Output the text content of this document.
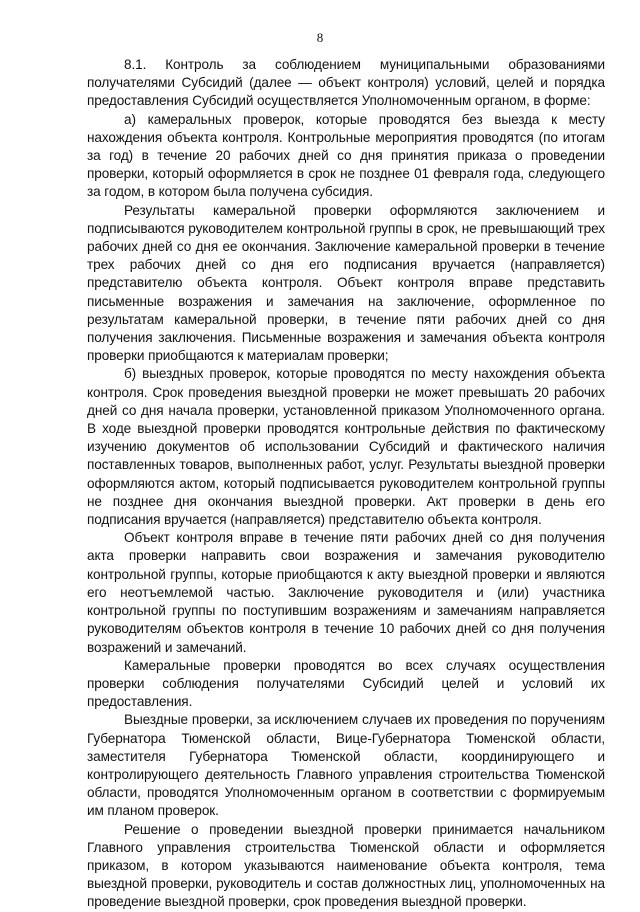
8

8.1. Контроль за соблюдением муниципальными образованиями получателями Субсидий (далее — объект контроля) условий, целей и порядка предоставления Субсидий осуществляется Уполномоченным органом, в форме:

а) камеральных проверок, которые проводятся без выезда к месту нахождения объекта контроля. Контрольные мероприятия проводятся (по итогам за год) в течение 20 рабочих дней со дня принятия приказа о проведении проверки, который оформляется в срок не позднее 01 февраля года, следующего за годом, в котором была получена субсидия.

Результаты камеральной проверки оформляются заключением и подписываются руководителем контрольной группы в срок, не превышающий трех рабочих дней со дня ее окончания. Заключение камеральной проверки в течение трех рабочих дней со дня его подписания вручается (направляется) представителю объекта контроля. Объект контроля вправе представить письменные возражения и замечания на заключение, оформленное по результатам камеральной проверки, в течение пяти рабочих дней со дня получения заключения. Письменные возражения и замечания объекта контроля проверки приобщаются к материалам проверки;

б) выездных проверок, которые проводятся по месту нахождения объекта контроля. Срок проведения выездной проверки не может превышать 20 рабочих дней со дня начала проверки, установленной приказом Уполномоченного органа. В ходе выездной проверки проводятся контрольные действия по фактическому изучению документов об использовании Субсидий и фактического наличия поставленных товаров, выполненных работ, услуг. Результаты выездной проверки оформляются актом, который подписывается руководителем контрольной группы не позднее дня окончания выездной проверки. Акт проверки в день его подписания вручается (направляется) представителю объекта контроля.

Объект контроля вправе в течение пяти рабочих дней со дня получения акта проверки направить свои возражения и замечания руководителю контрольной группы, которые приобщаются к акту выездной проверки и являются его неотъемлемой частью. Заключение руководителя и (или) участника контрольной группы по поступившим возражениям и замечаниям направляется руководителям объектов контроля в течение 10 рабочих дней со дня получения возражений и замечаний.

Камеральные проверки проводятся во всех случаях осуществления проверки соблюдения получателями Субсидий целей и условий их предоставления.

Выездные проверки, за исключением случаев их проведения по поручениям Губернатора Тюменской области, Вице-Губернатора Тюменской области, заместителя Губернатора Тюменской области, координирующего и контролирующего деятельность Главного управления строительства Тюменской области, проводятся Уполномоченным органом в соответствии с формируемым им планом проверок.

Решение о проведении выездной проверки принимается начальником Главного управления строительства Тюменской области и оформляется приказом, в котором указываются наименование объекта контроля, тема выездной проверки, руководитель и состав должностных лиц, уполномоченных на проведение выездной проверки, срок проведения выездной проверки.
